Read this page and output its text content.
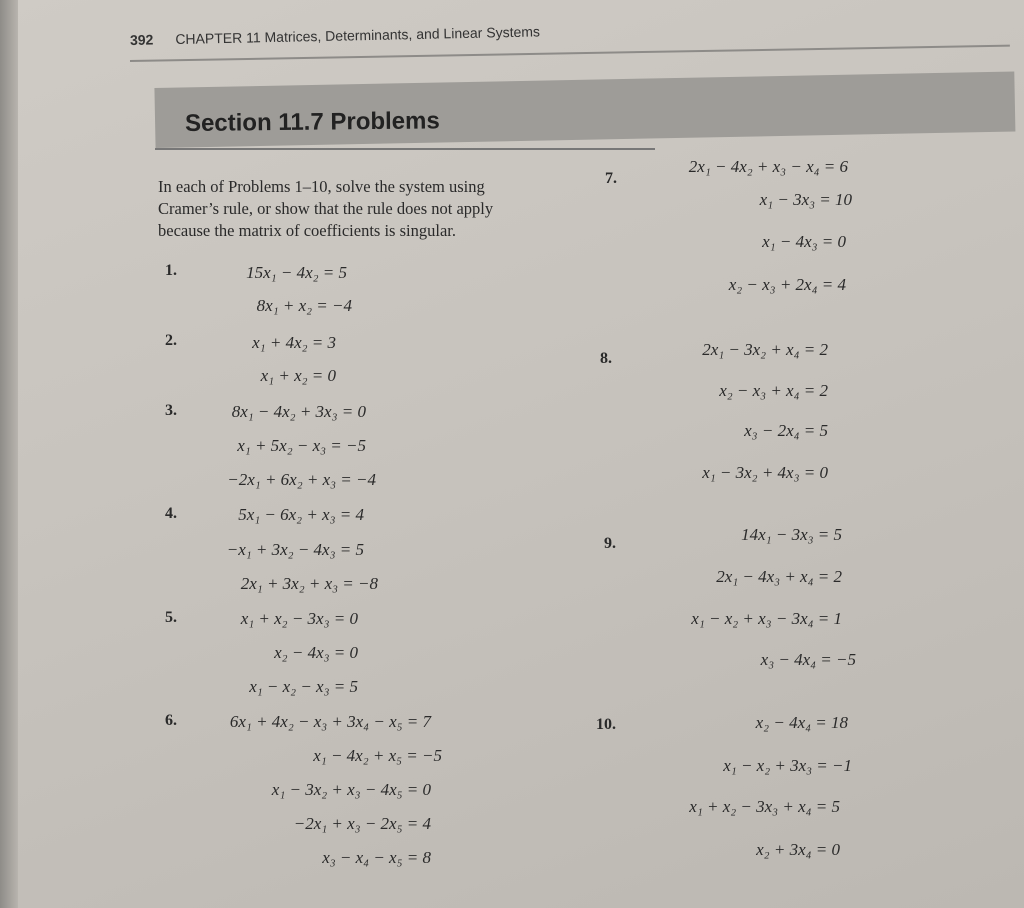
392 CHAPTER 11 Matrices, Determinants, and Linear Systems
Section 11.7 Problems
In each of Problems 1–10, solve the system using
Cramer’s rule, or show that the rule does not apply
because the matrix of coefficients is singular.
1.	15x₁ − 4x₂ = 5
8x₁ + x₂ = −4
2.	x₁ + 4x₂ = 3
x₁ + x₂ = 0
3.	8x₁ − 4x₂ + 3x₃ = 0
x₁ + 5x₂ − x₃ = −5
−2x₁ + 6x₂ + x₃ = −4
4.	5x₁ − 6x₂ + x₃ = 4
−x₁ + 3x₂ − 4x₃ = 5
2x₁ + 3x₂ + x₃ = −8
5.	x₁ + x₂ − 3x₃ = 0
x₂ − 4x₃ = 0
x₁ − x₂ − x₃ = 5
6.	6x₁ + 4x₂ − x₃ + 3x₄ − x₅ = 7
x₁ − 4x₂ + x₅ = −5
x₁ − 3x₂ + x₃ − 4x₅ = 0
−2x₁ + x₃ − 2x₅ = 4
x₃ − x₄ − x₅ = 8
7.
2x₁ − 4x₂ + x₃ − x₄ = 6
x₁ − 3x₃ = 10
x₁ − 4x₃ = 0
x₂ − x₃ + 2x₄ = 4
8.	2x₁ − 3x₂ + x₄ = 2
x₂ − x₃ + x₄ = 2
x₃ − 2x₄ = 5
x₁ − 3x₂ + 4x₃ = 0
9.	14x₁ − 3x₃ = 5
2x₁ − 4x₃ + x₄ = 2
x₁ − x₂ + x₃ − 3x₄ = 1
x₃ − 4x₄ = −5
10.	x₂ − 4x₄ = 18
x₁ − x₂ + 3x₃ = −1
x₁ + x₂ − 3x₃ + x₄ = 5
x₂ + 3x₄ = 0
